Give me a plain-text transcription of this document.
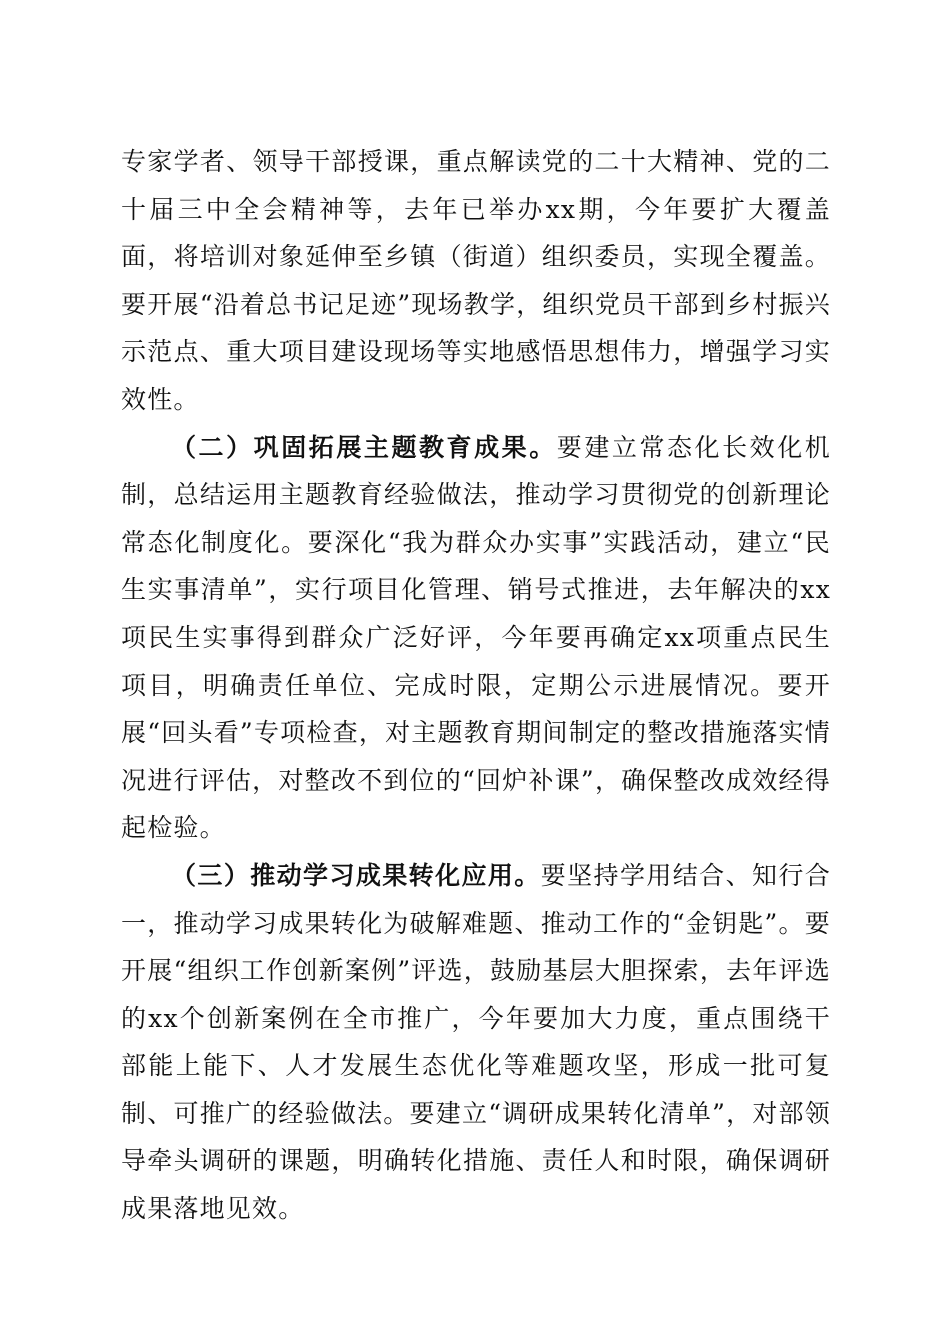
专家学者、领导干部授课，重点解读党的二十大精神、党的二十届三中全会精神等，去年已举办xx期，今年要扩大覆盖面，将培训对象延伸至乡镇（街道）组织委员，实现全覆盖。要开展“沿着总书记足迹”现场教学，组织党员干部到乡村振兴示范点、重大项目建设现场等实地感悟思想伟力，增强学习实效性。

（二）巩固拓展主题教育成果。要建立常态化长效化机制，总结运用主题教育经验做法，推动学习贯彻党的创新理论常态化制度化。要深化“我为群众办实事”实践活动，建立“民生实事清单”，实行项目化管理、销号式推进，去年解决的xx项民生实事得到群众广泛好评，今年要再确定xx项重点民生项目，明确责任单位、完成时限，定期公示进展情况。要开展“回头看”专项检查，对主题教育期间制定的整改措施落实情况进行评估，对整改不到位的“回炉补课”，确保整改成效经得起检验。

（三）推动学习成果转化应用。要坚持学用结合、知行合一，推动学习成果转化为破解难题、推动工作的“金钥匙”。要开展“组织工作创新案例”评选，鼓励基层大胆探索，去年评选的xx个创新案例在全市推广，今年要加大力度，重点围绕干部能上能下、人才发展生态优化等难题攻坚，形成一批可复制、可推广的经验做法。要建立“调研成果转化清单”，对部领导牵头调研的课题，明确转化措施、责任人和时限，确保调研成果落地见效。
